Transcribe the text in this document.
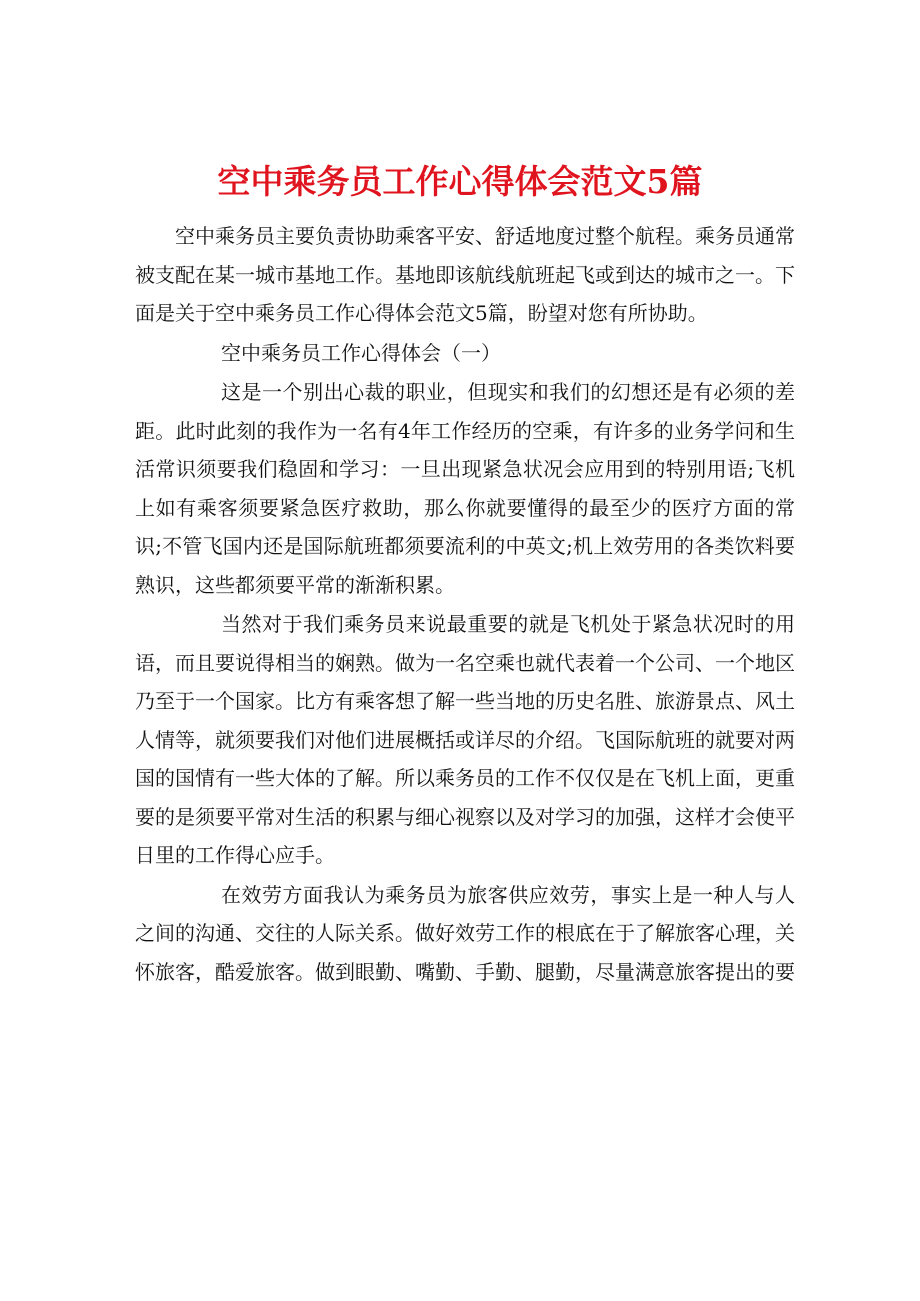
空中乘务员工作心得体会范文5篇

空中乘务员主要负责协助乘客平安、舒适地度过整个航程。乘务员通常被支配在某一城市基地工作。基地即该航线航班起飞或到达的城市之一。下面是关于空中乘务员工作心得体会范文5篇，盼望对您有所协助。

空中乘务员工作心得体会（一）

这是一个别出心裁的职业，但现实和我们的幻想还是有必须的差距。此时此刻的我作为一名有4年工作经历的空乘，有许多的业务学问和生活常识须要我们稳固和学习：一旦出现紧急状况会应用到的特别用语;飞机上如有乘客须要紧急医疗救助，那么你就要懂得的最至少的医疗方面的常识;不管飞国内还是国际航班都须要流利的中英文;机上效劳用的各类饮料要熟识，这些都须要平常的渐渐积累。

当然对于我们乘务员来说最重要的就是飞机处于紧急状况时的用语，而且要说得相当的娴熟。做为一名空乘也就代表着一个公司、一个地区乃至于一个国家。比方有乘客想了解一些当地的历史名胜、旅游景点、风土人情等，就须要我们对他们进展概括或详尽的介绍。飞国际航班的就要对两国的国情有一些大体的了解。所以乘务员的工作不仅仅是在飞机上面，更重要的是须要平常对生活的积累与细心视察以及对学习的加强，这样才会使平日里的工作得心应手。

在效劳方面我认为乘务员为旅客供应效劳，事实上是一种人与人之间的沟通、交往的人际关系。做好效劳工作的根底在于了解旅客心理，关怀旅客，酷爱旅客。做到眼勤、嘴勤、手勤、腿勤，尽量满意旅客提出的要
